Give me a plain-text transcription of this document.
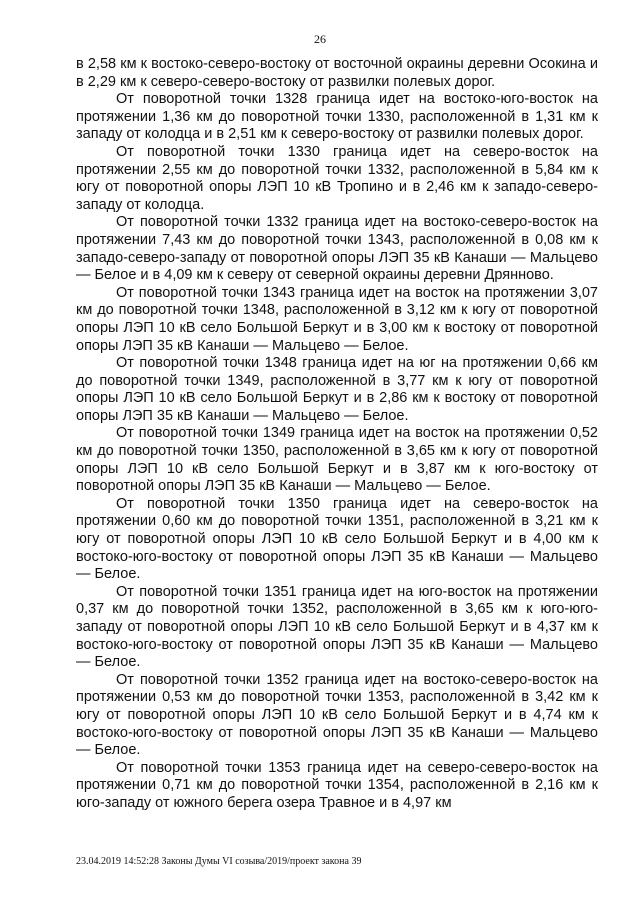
26

в 2,58 км к востоко-северо-востоку от восточной окраины деревни Осокина и в 2,29 км к северо-северо-востоку от развилки полевых дорог.

От поворотной точки 1328 граница идет на востоко-юго-восток на протяжении 1,36 км до поворотной точки 1330, расположенной в 1,31 км к западу от колодца и в 2,51 км к северо-востоку от развилки полевых дорог.

От поворотной точки 1330 граница идет на северо-восток на протяжении 2,55 км до поворотной точки 1332, расположенной в 5,84 км к югу от поворотной опоры ЛЭП 10 кВ Тропино и в 2,46 км к западо-северо-западу от колодца.

От поворотной точки 1332 граница идет на востоко-северо-восток на протяжении 7,43 км до поворотной точки 1343, расположенной в 0,08 км к западо-северо-западу от поворотной опоры ЛЭП 35 кВ Канаши — Мальцево — Белое и в 4,09 км к северу от северной окраины деревни Дрянново.

От поворотной точки 1343 граница идет на восток на протяжении 3,07 км до поворотной точки 1348, расположенной в 3,12 км к югу от поворотной опоры ЛЭП 10 кВ село Большой Беркут и в 3,00 км к востоку от поворотной опоры ЛЭП 35 кВ Канаши — Мальцево — Белое.

От поворотной точки 1348 граница идет на юг на протяжении 0,66 км до поворотной точки 1349, расположенной в 3,77 км к югу от поворотной опоры ЛЭП 10 кВ село Большой Беркут и в 2,86 км к востоку от поворотной опоры ЛЭП 35 кВ Канаши — Мальцево — Белое.

От поворотной точки 1349 граница идет на восток на протяжении 0,52 км до поворотной точки 1350, расположенной в 3,65 км к югу от поворотной опоры ЛЭП 10 кВ село Большой Беркут и в 3,87 км к юго-востоку от поворотной опоры ЛЭП 35 кВ Канаши — Мальцево — Белое.

От поворотной точки 1350 граница идет на северо-восток на протяжении 0,60 км до поворотной точки 1351, расположенной в 3,21 км к югу от поворотной опоры ЛЭП 10 кВ село Большой Беркут и в 4,00 км к востоко-юго-востоку от поворотной опоры ЛЭП 35 кВ Канаши — Мальцево — Белое.

От поворотной точки 1351 граница идет на юго-восток на протяжении 0,37 км до поворотной точки 1352, расположенной в 3,65 км к юго-юго-западу от поворотной опоры ЛЭП 10 кВ село Большой Беркут и в 4,37 км к востоко-юго-востоку от поворотной опоры ЛЭП 35 кВ Канаши — Мальцево — Белое.

От поворотной точки 1352 граница идет на востоко-северо-восток на протяжении 0,53 км до поворотной точки 1353, расположенной в 3,42 км к югу от поворотной опоры ЛЭП 10 кВ село Большой Беркут и в 4,74 км к востоко-юго-востоку от поворотной опоры ЛЭП 35 кВ Канаши — Мальцево — Белое.

От поворотной точки 1353 граница идет на северо-северо-восток на протяжении 0,71 км до поворотной точки 1354, расположенной в 2,16 км к юго-западу от южного берега озера Травное и в 4,97 км

23.04.2019 14:52:28 Законы Думы VI созыва/2019/проект закона 39
